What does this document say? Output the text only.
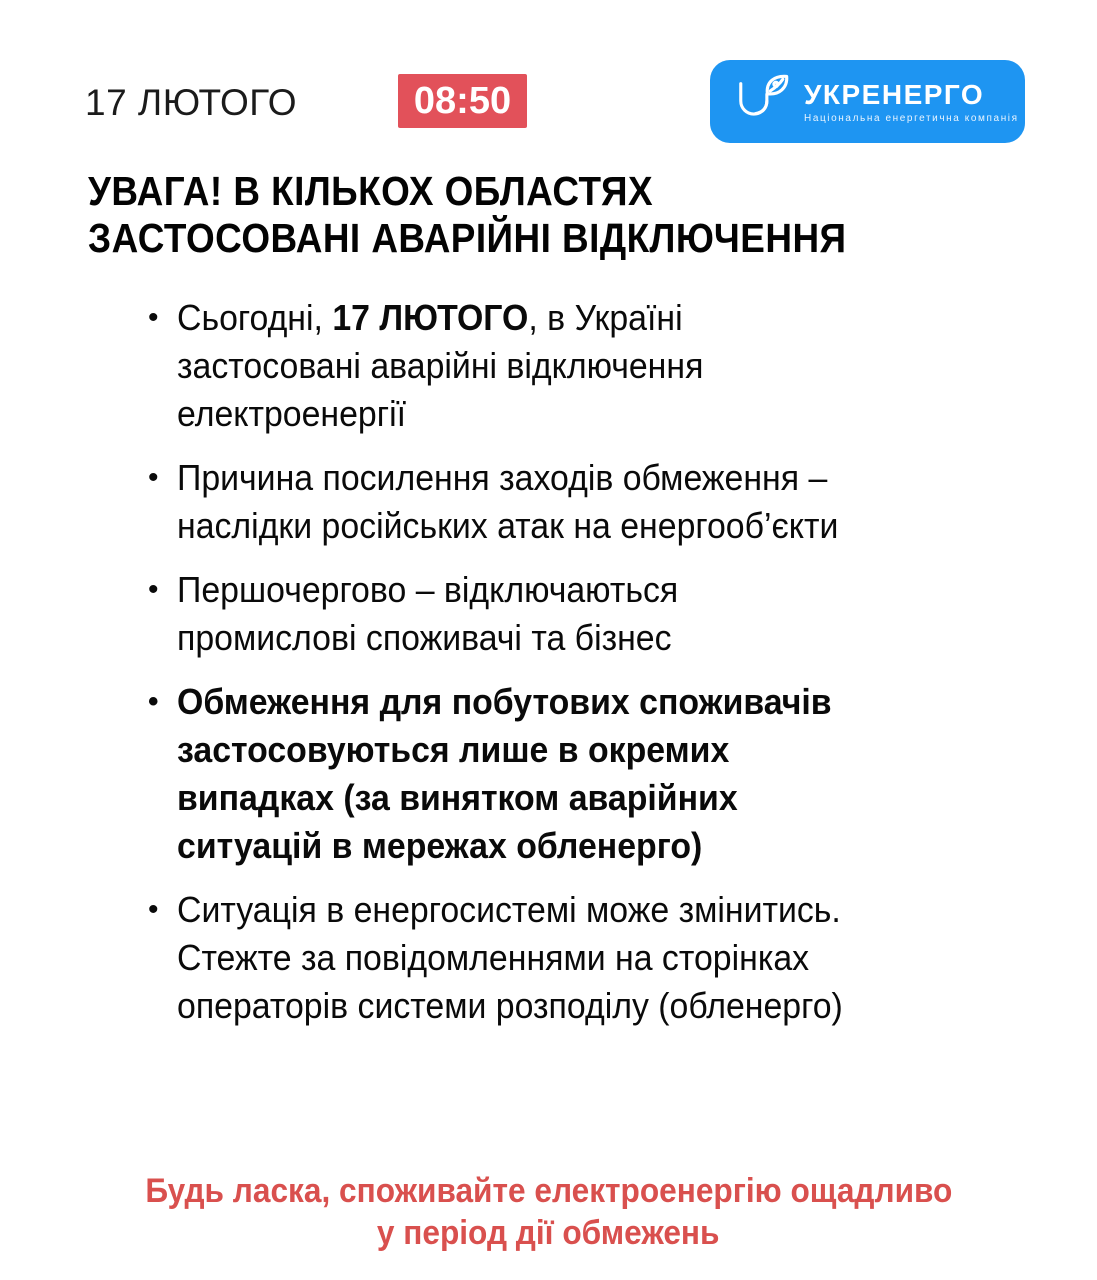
17 ЛЮТОГО	08:50	УКРЕНЕРГО
Національна енергетична компанія
УВАГА! В КІЛЬКОХ ОБЛАСТЯХ
ЗАСТОСОВАНІ АВАРІЙНІ ВІДКЛЮЧЕННЯ
• Сьогодні, 17 ЛЮТОГО, в Україні
застосовані аварійні відключення
електроенергії
• Причина посилення заходів обмеження –
наслідки російських атак на енергооб’єкти
• Першочергово – відключаються
промислові споживачі та бізнес
• Обмеження для побутових споживачів
застосовуються лише в окремих
випадках (за винятком аварійних
ситуацій в мережах обленерго)
• Ситуація в енергосистемі може змінитись.
Стежте за повідомленнями на сторінках
операторів системи розподілу (обленерго)
Будь ласка, споживайте електроенергію ощадливо
у період дії обмежень
